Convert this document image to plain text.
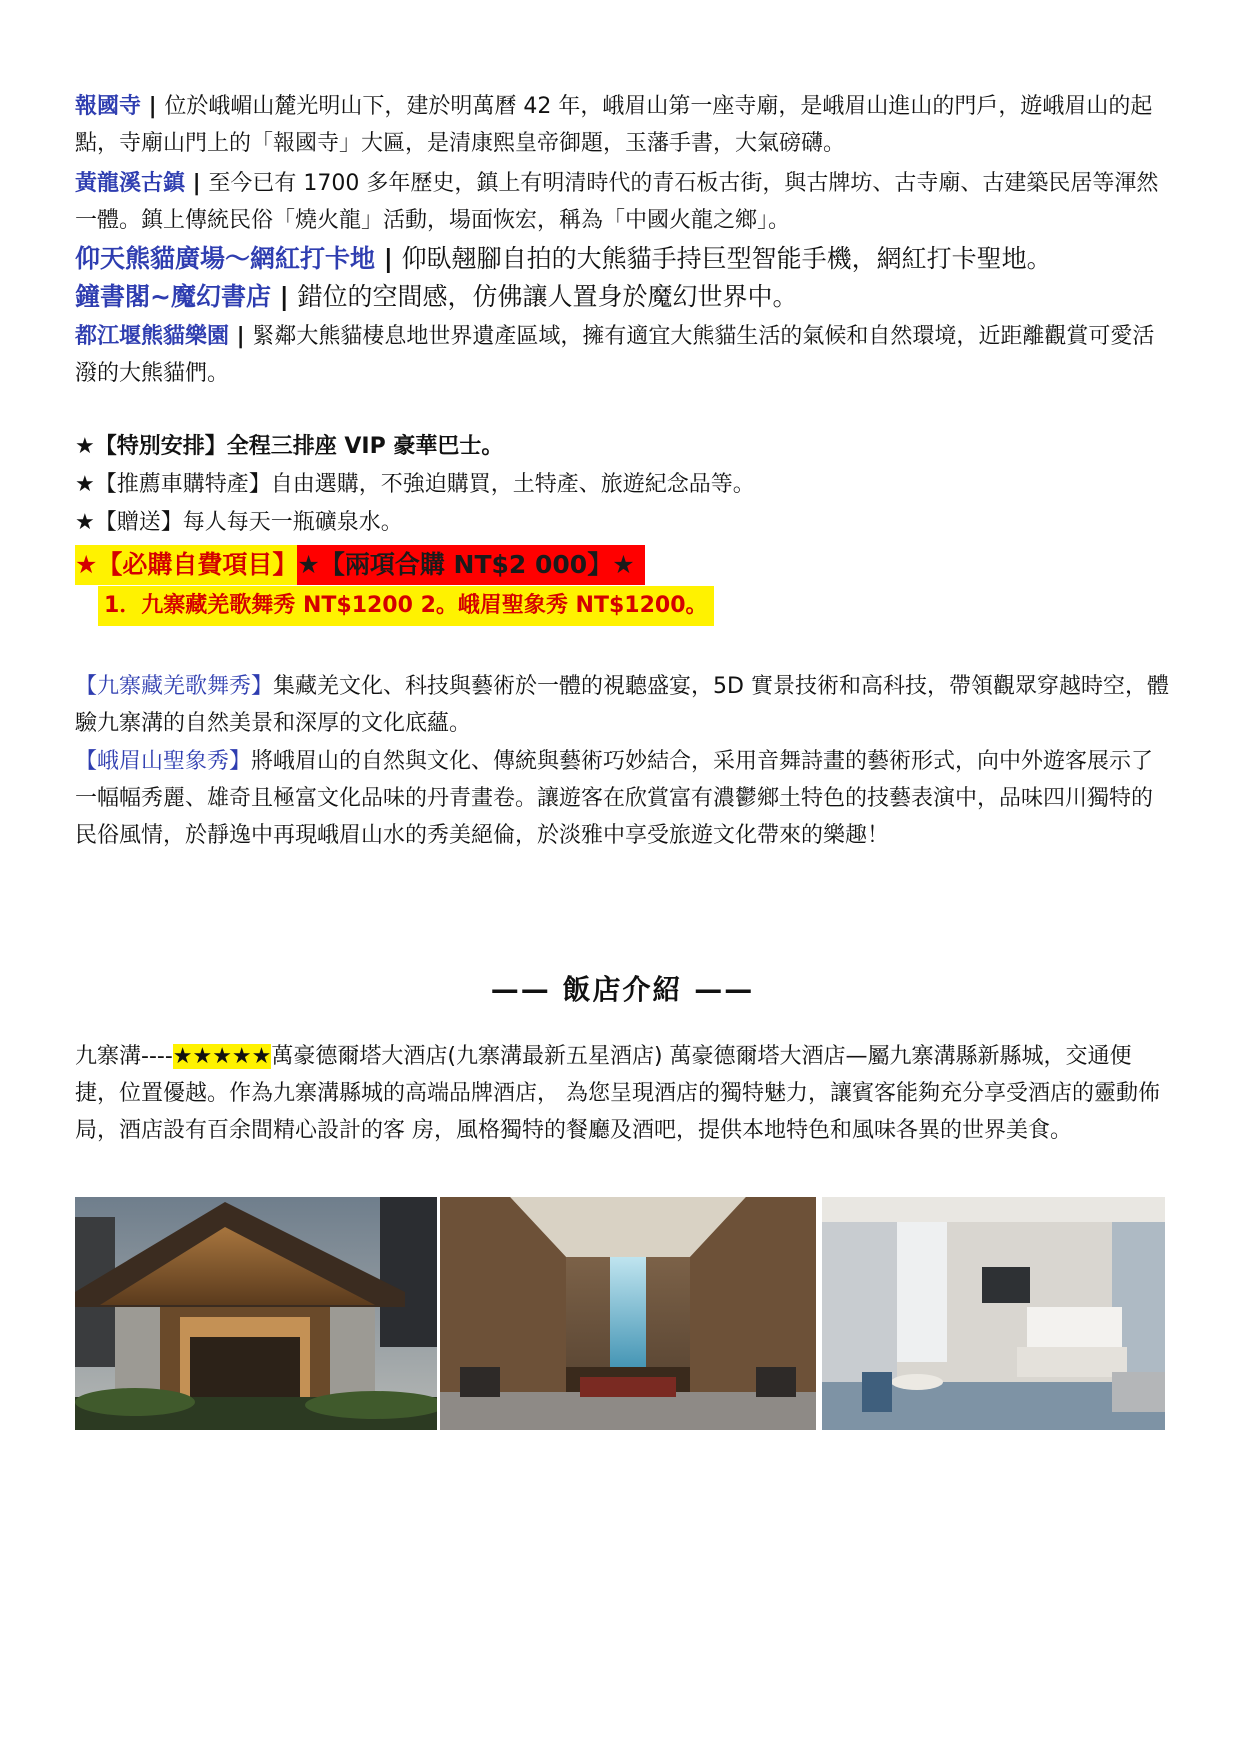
報國寺 | 位於峨嵋山麓光明山下，建於明萬曆 42 年，峨眉山第一座寺廟，是峨眉山進山的門戶，遊峨眉山的起點，寺廟山門上的「報國寺」大匾，是清康熙皇帝御題，玉藩手書，大氣磅礴。
黃龍溪古鎮 | 至今已有 1700 多年歷史，鎮上有明清時代的青石板古街，與古牌坊、古寺廟、古建築民居等渾然一體。鎮上傳統民俗「燒火龍」活動，場面恢宏，稱為「中國火龍之鄉」。
仰天熊貓廣場～網紅打卡地 | 仰臥翹腳自拍的大熊貓手持巨型智能手機，網紅打卡聖地。
鐘書閣~魔幻書店 | 錯位的空間感，仿佛讓人置身於魔幻世界中。
都江堰熊貓樂園 | 緊鄰大熊貓棲息地世界遺產區域，擁有適宜大熊貓生活的氣候和自然環境，近距離觀賞可愛活潑的大熊貓們。
★【特別安排】全程三排座 VIP 豪華巴士。
★【推薦車購特產】自由選購，不強迫購買，土特產、旅遊紀念品等。
★【贈送】每人每天一瓶礦泉水。
★【必購自費項目】★【兩項合購 NT$2 000】★
1．九寨藏羌歌舞秀 NT$1200 2。峨眉聖象秀 NT$1200。
【九寨藏羌歌舞秀】集藏羌文化、科技與藝術於一體的視聽盛宴，5D 實景技術和高科技，帶領觀眾穿越時空，體驗九寨溝的自然美景和深厚的文化底蘊。
【峨眉山聖象秀】將峨眉山的自然與文化、傳統與藝術巧妙結合，采用音舞詩畫的藝術形式，向中外遊客展示了一幅幅秀麗、雄奇且極富文化品味的丹青畫卷。讓遊客在欣賞富有濃鬱鄉土特色的技藝表演中，品味四川獨特的民俗風情，於靜逸中再現峨眉山水的秀美絕倫，於淡雅中享受旅遊文化帶來的樂趣！
—— 飯店介紹 ——
九寨溝----★★★★★萬豪德爾塔大酒店(九寨溝最新五星酒店) 萬豪德爾塔大酒店—屬九寨溝縣新縣城，交通便捷，位置優越。作為九寨溝縣城的高端品牌酒店， 為您呈現酒店的獨特魅力，讓賓客能夠充分享受酒店的靈動佈局，酒店設有百余間精心設計的客 房，風格獨特的餐廳及酒吧，提供本地特色和風味各異的世界美食。
